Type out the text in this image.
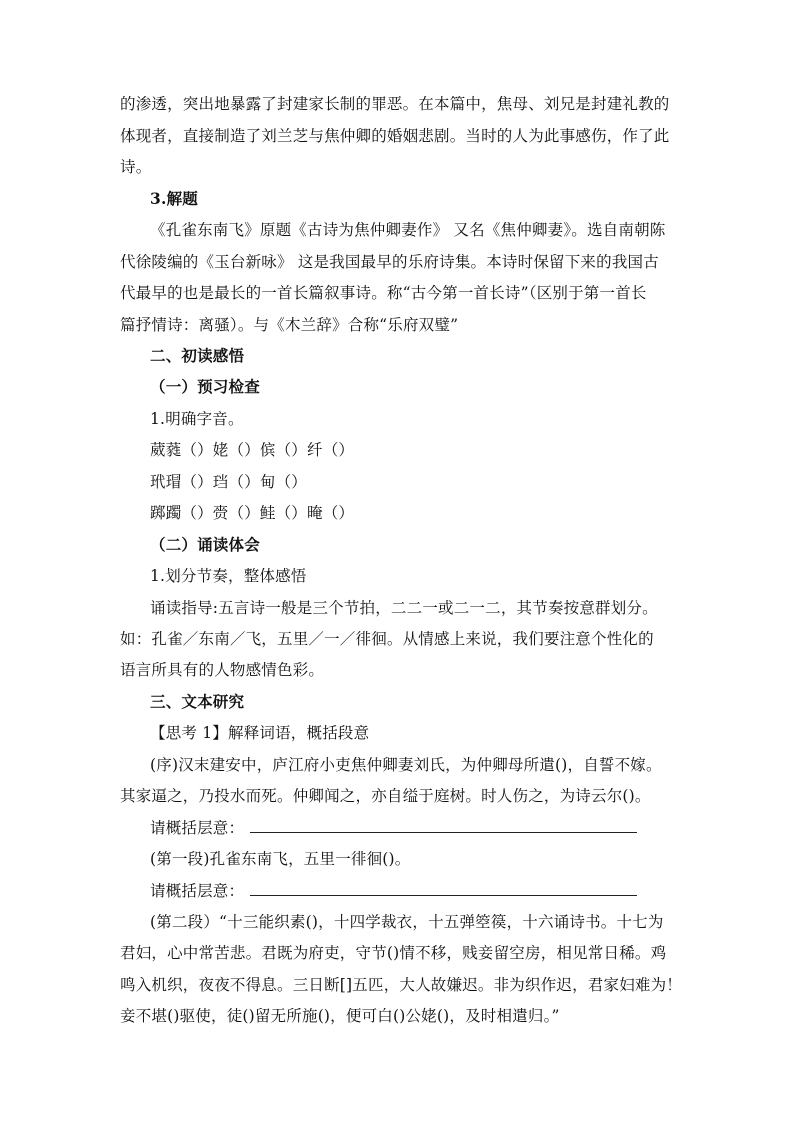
的渗透，突出地暴露了封建家长制的罪恶。在本篇中，焦母、刘兄是封建礼教的
体现者，直接制造了刘兰芝与焦仲卿的婚姻悲剧。当时的人为此事感伤，作了此
诗。
3.解题
《孔雀东南飞》原题《古诗为焦仲卿妻作》 又名《焦仲卿妻》。选自南朝陈
代徐陵编的《玉台新咏》 这是我国最早的乐府诗集。本诗时保留下来的我国古
代最早的也是最长的一首长篇叙事诗。称“古今第一首长诗”（区别于第一首长
篇抒情诗：离骚）。与《木兰辞》合称“乐府双璧”
二、初读感悟
（一）预习检查
1.明确字音。
葳蕤（）姥（）傧（）纤（）
玳瑁（）珰（）甸（）
踯躅（）赍（）鲑（）晻（）
（二）诵读体会
1.划分节奏，整体感悟
诵读指导:五言诗一般是三个节拍，二二一或二一二，其节奏按意群划分。
如：孔雀／东南／飞，五里／一／徘徊。从情感上来说，我们要注意个性化的
语言所具有的人物感情色彩。
三、文本研究
【思考 1】解释词语，概括段意
(序)汉末建安中，庐江府小吏焦仲卿妻刘氏，为仲卿母所遣()，自誓不嫁。
其家逼之，乃投水而死。仲卿闻之，亦自缢于庭树。时人伤之，为诗云尔()。
请概括层意：
(第一段)孔雀东南飞，五里一徘徊()。
请概括层意：
(第二段）“十三能织素()，十四学裁衣，十五弹箜篌，十六诵诗书。十七为
君妇，心中常苦悲。君既为府吏，守节()情不移，贱妾留空房，相见常日稀。鸡
鸣入机织，夜夜不得息。三日断[]五匹，大人故嫌迟。非为织作迟，君家妇难为！
妾不堪()驱使，徒()留无所施()，便可白()公姥()，及时相遣归。”
